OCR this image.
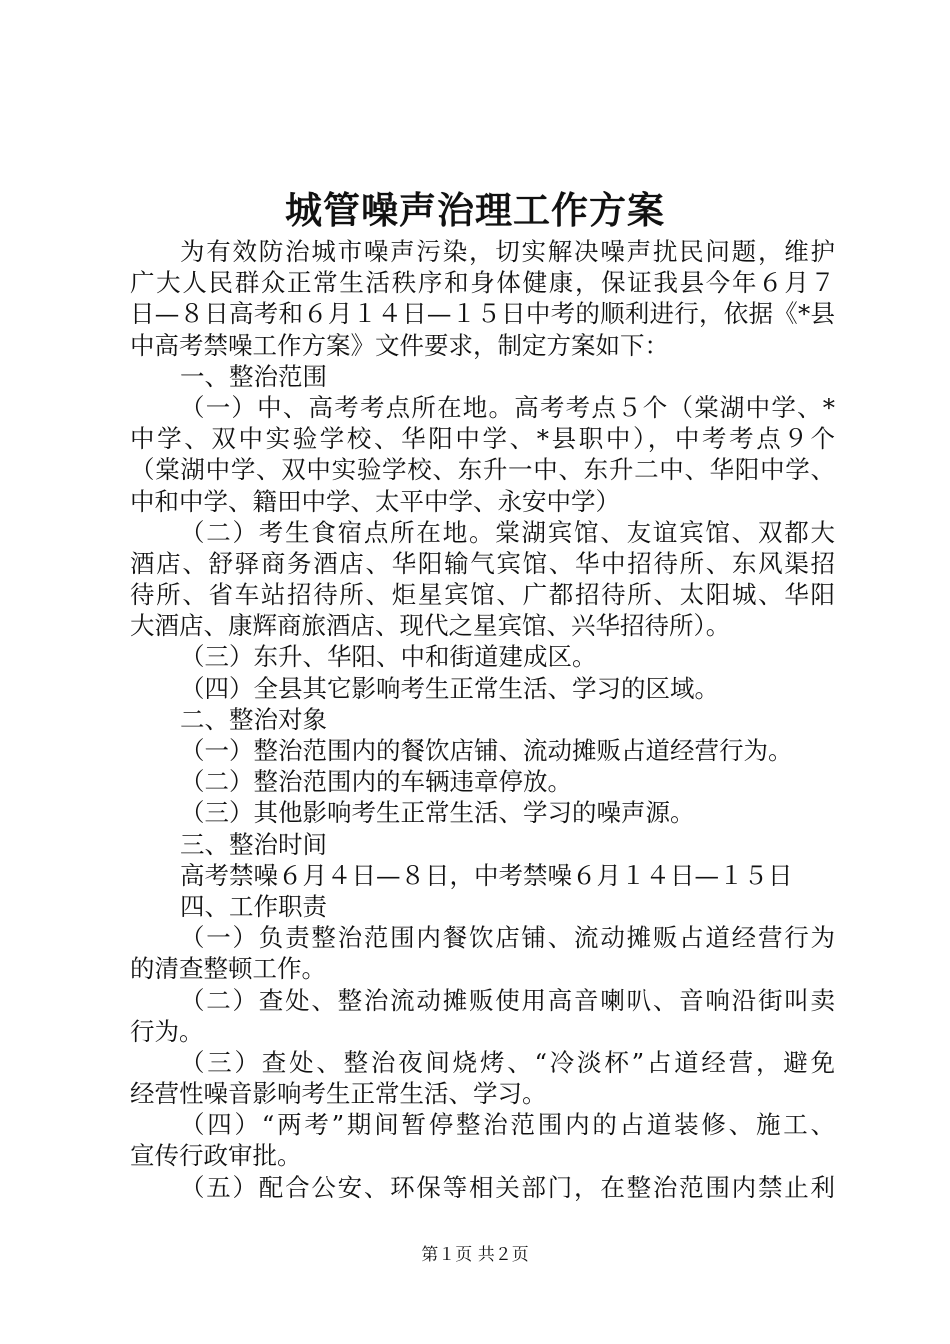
城管噪声治理工作方案
为有效防治城市噪声污染，切实解决噪声扰民问题，维护
广大人民群众正常生活秩序和身体健康，保证我县今年６月７
日—８日高考和６月１４日—１５日中考的顺利进行，依据《*县
中高考禁噪工作方案》文件要求，制定方案如下：
一、整治范围
（一）中、高考考点所在地。高考考点５个（棠湖中学、*
中学、双中实验学校、华阳中学、*县职中），中考考点９个
（棠湖中学、双中实验学校、东升一中、东升二中、华阳中学、
中和中学、籍田中学、太平中学、永安中学）
（二）考生食宿点所在地。棠湖宾馆、友谊宾馆、双都大
酒店、舒驿商务酒店、华阳输气宾馆、华中招待所、东风渠招
待所、省车站招待所、炬星宾馆、广都招待所、太阳城、华阳
大酒店、康辉商旅酒店、现代之星宾馆、兴华招待所）。
（三）东升、华阳、中和街道建成区。
（四）全县其它影响考生正常生活、学习的区域。
二、整治对象
（一）整治范围内的餐饮店铺、流动摊贩占道经营行为。
（二）整治范围内的车辆违章停放。
（三）其他影响考生正常生活、学习的噪声源。
三、整治时间
高考禁噪６月４日—８日，中考禁噪６月１４日—１５日
四、工作职责
（一）负责整治范围内餐饮店铺、流动摊贩占道经营行为
的清查整顿工作。
（二）查处、整治流动摊贩使用高音喇叭、音响沿街叫卖
行为。
（三）查处、整治夜间烧烤、“冷淡杯”占道经营，避免
经营性噪音影响考生正常生活、学习。
（四）“两考”期间暂停整治范围内的占道装修、施工、
宣传行政审批。
（五）配合公安、环保等相关部门，在整治范围内禁止利
第１页 共２页
